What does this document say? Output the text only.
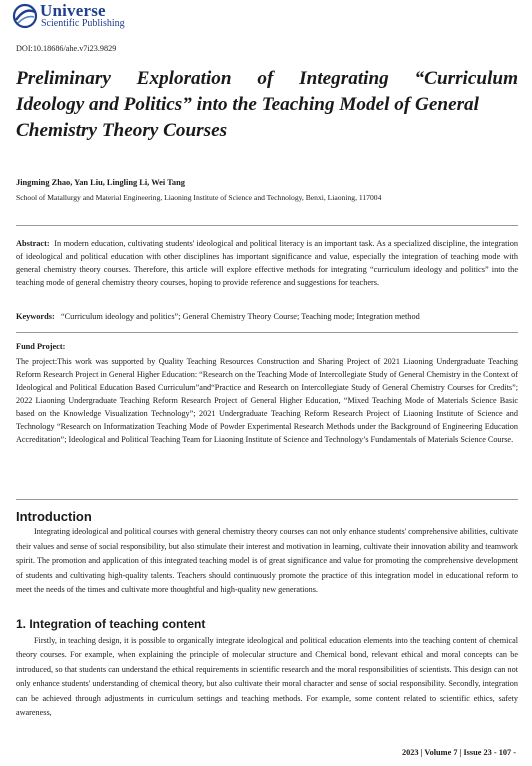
Universe
Scientific Publishing
DOI:10.18686/ahe.v7i23.9829
Preliminary Exploration of Integrating “Curriculum
Ideology and Politics” into the Teaching Model of General
Chemistry Theory Courses
Jingming Zhao, Yan Liu, Lingling Li, Wei Tang
School of Matallurgy and Material Engineering, Liaoning Institute of Science and Technology, Benxi, Liaoning, 117004
Abstract: In modern education, cultivating students' ideological and political literacy is an important task. As a specialized discipline, the integration of ideological and political education with other disciplines has important significance and value, especially the integration of teaching mode with general chemistry theory courses. Therefore, this article will explore effective methods for integrating “curriculum ideology and politics” into the teaching mode of general chemistry theory courses, hoping to provide reference and suggestions for teachers.
Keywords: “Curriculum ideology and politics”; General Chemistry Theory Course; Teaching mode; Integration method
Fund Project:
The project:This work was supported by Quality Teaching Resources Construction and Sharing Project of 2021 Liaoning Undergraduate Teaching Reform Research Project in General Higher Education: “Research on the Teaching Mode of Intercollegiate Study of General Chemistry in the Context of Ideological and Political Education Based Curriculum”and“Practice and Research on Intercollegiate Study of General Chemistry Courses for Credits”; 2022 Liaoning Undergraduate Teaching Reform Research Project of General Higher Education, “Mixed Teaching Mode of Materials Science Basic based on the Knowledge Visualization Technology”; 2021 Undergraduate Teaching Reform Research Project of Liaoning Institute of Science and Technology “Research on Informatization Teaching Mode of Powder Experimental Research Methods under the Background of Engineering Education Accreditation”; Ideological and Political Teaching Team for Liaoning Institute of Science and Technology’s Fundamentals of Materials Science Course.
Introduction
Integrating ideological and political courses with general chemistry theory courses can not only enhance students' comprehensive abilities, cultivate their values and sense of social responsibility, but also stimulate their interest and motivation in learning, cultivate their innovation ability and teamwork spirit. The promotion and application of this integrated teaching model is of great significance and value for promoting the comprehensive development of students and cultivating high-quality talents. Teachers should continuously promote the practice of this integration model in educational reform to meet the needs of the times and cultivate more thoughtful and high-quality new generations.
1. Integration of teaching content
Firstly, in teaching design, it is possible to organically integrate ideological and political education elements into the teaching content of chemical theory courses. For example, when explaining the principle of molecular structure and Chemical bond, relevant ethical and moral concepts can be introduced, so that students can understand the ethical requirements in scientific research and the moral responsibilities of scientists. This design can not only enhance students' understanding of chemical theory, but also cultivate their moral character and sense of social responsibility. Secondly, integration can be achieved through adjustments in curriculum settings and teaching methods. For example, some content related to scientific ethics, safety awareness,
2023 | Volume 7 | Issue 23 - 107 -
